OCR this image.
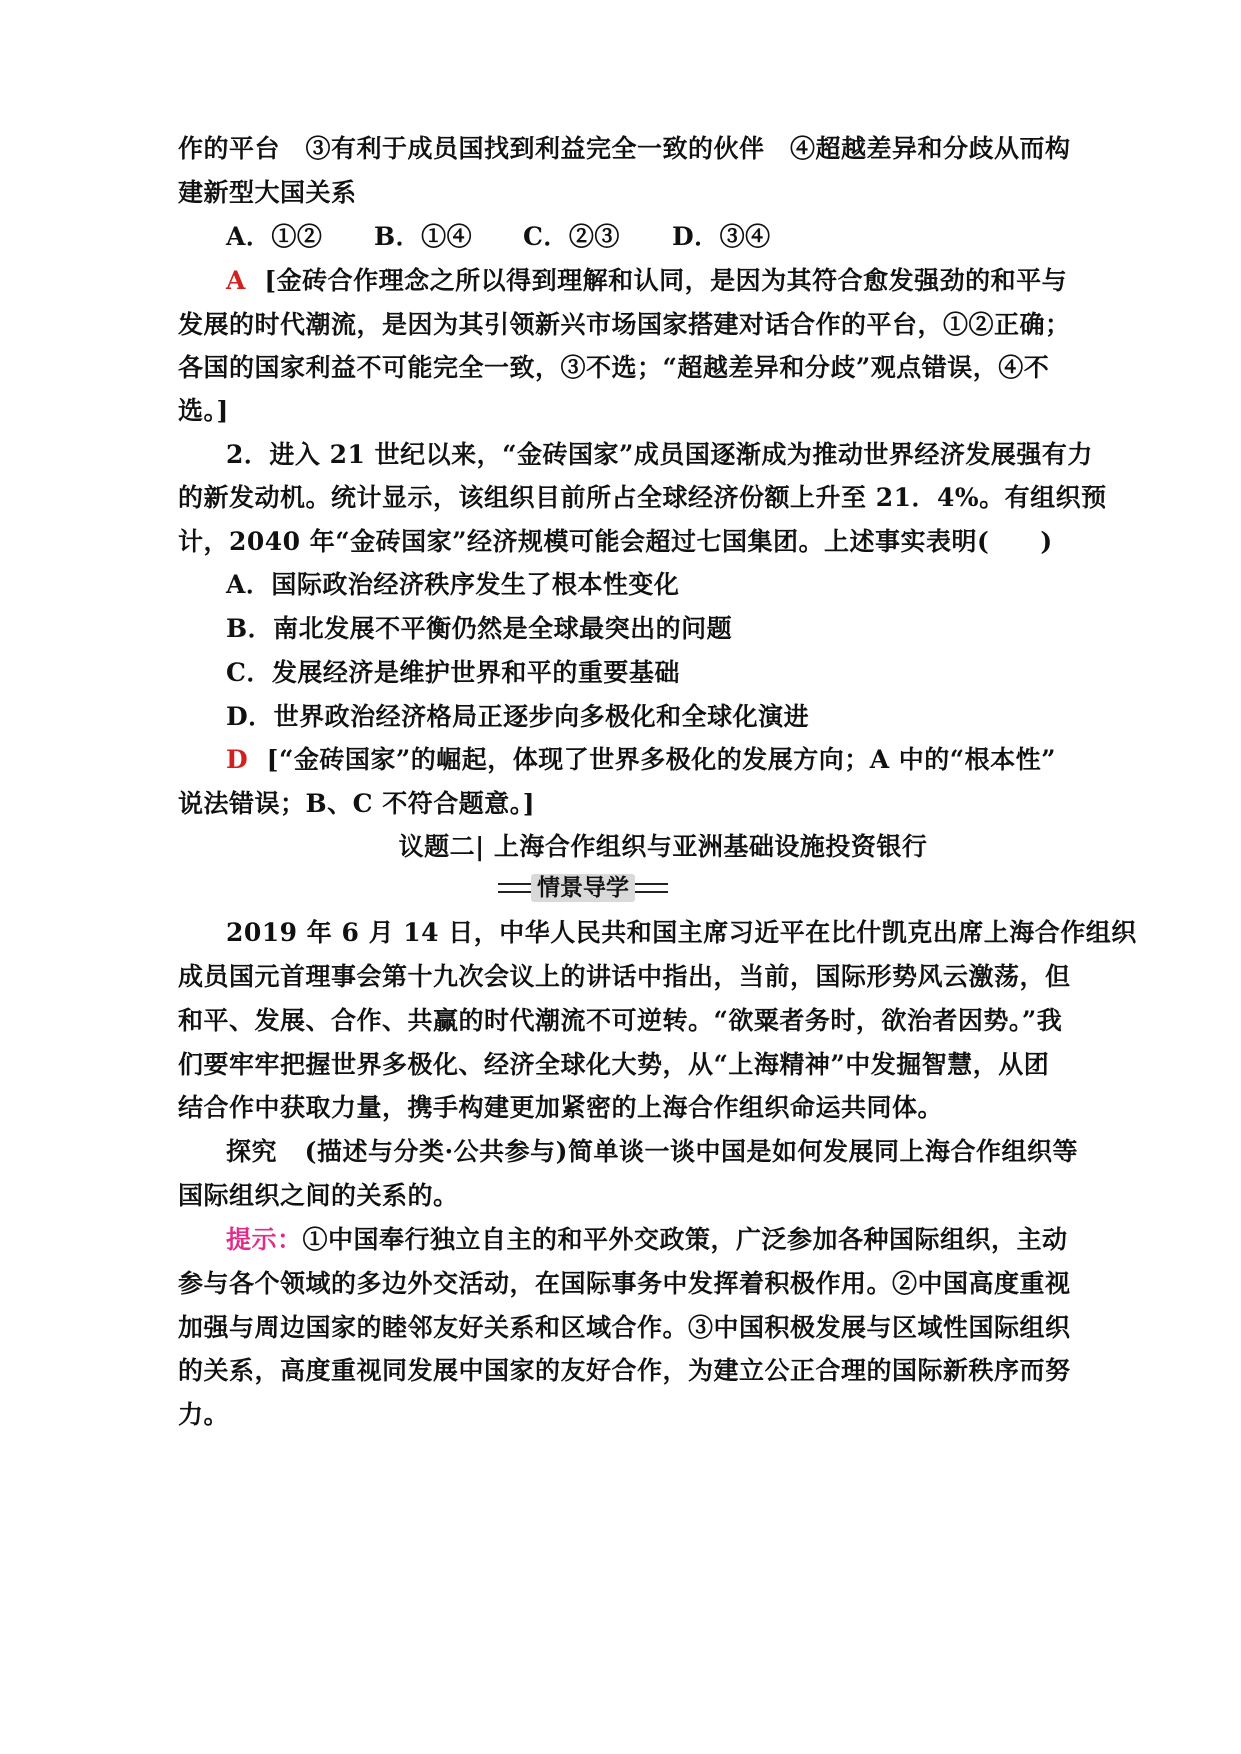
作的平台　③有利于成员国找到利益完全一致的伙伴　④超越差异和分歧从而构
建新型大国关系
A．①② B．①④ C．②③ D．③④
A [金砖合作理念之所以得到理解和认同，是因为其符合愈发强劲的和平与
发展的时代潮流，是因为其引领新兴市场国家搭建对话合作的平台，①②正确；
各国的国家利益不可能完全一致，③不选；“超越差异和分歧”观点错误，④不
选。]
2．进入 21 世纪以来，“金砖国家”成员国逐渐成为推动世界经济发展强有力
的新发动机。统计显示，该组织目前所占全球经济份额上升至 21．4%。有组织预
计，2040 年“金砖国家”经济规模可能会超过七国集团。上述事实表明(　　)
A．国际政治经济秩序发生了根本性变化
B．南北发展不平衡仍然是全球最突出的问题
C．发展经济是维护世界和平的重要基础
D．世界政治经济格局正逐步向多极化和全球化演进
D [“金砖国家”的崛起，体现了世界多极化的发展方向；A 中的“根本性”
说法错误；B、C 不符合题意。]
议题二| 上海合作组织与亚洲基础设施投资银行
情景导学
2019 年 6 月 14 日，中华人民共和国主席习近平在比什凯克出席上海合作组织
成员国元首理事会第十九次会议上的讲话中指出，当前，国际形势风云激荡，但
和平、发展、合作、共赢的时代潮流不可逆转。“欲粟者务时，欲治者因势。”我
们要牢牢把握世界多极化、经济全球化大势，从“上海精神”中发掘智慧，从团
结合作中获取力量，携手构建更加紧密的上海合作组织命运共同体。
探究 (描述与分类·公共参与)简单谈一谈中国是如何发展同上海合作组织等
国际组织之间的关系的。
提示：①中国奉行独立自主的和平外交政策，广泛参加各种国际组织，主动
参与各个领域的多边外交活动，在国际事务中发挥着积极作用。②中国高度重视
加强与周边国家的睦邻友好关系和区域合作。③中国积极发展与区域性国际组织
的关系，高度重视同发展中国家的友好合作，为建立公正合理的国际新秩序而努
力。
